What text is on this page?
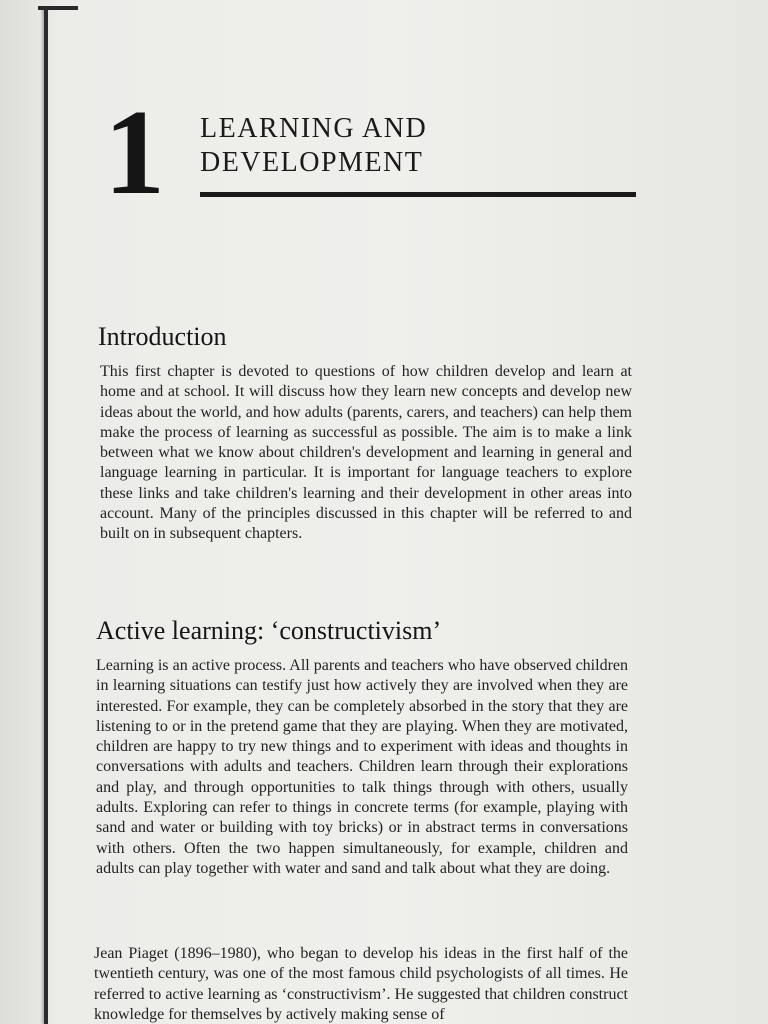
1 LEARNING AND
DEVELOPMENT
Introduction

This first chapter is devoted to questions of how children develop and learn at home and at school. It will discuss how they learn new concepts and develop new ideas about the world, and how adults (parents, carers, and teachers) can help them make the process of learning as successful as possible. The aim is to make a link between what we know about children's development and learning in general and language learning in particular. It is important for language teachers to explore these links and take children's learning and their development in other areas into account. Many of the principles discussed in this chapter will be referred to and built on in subsequent chapters.

Active learning: ‘constructivism’

Learning is an active process. All parents and teachers who have observed children in learning situations can testify just how actively they are involved when they are interested. For example, they can be completely absorbed in the story that they are listening to or in the pretend game that they are playing. When they are motivated, children are happy to try new things and to experiment with ideas and thoughts in conversations with adults and teachers. Children learn through their explorations and play, and through opportunities to talk things through with others, usually adults. Exploring can refer to things in concrete terms (for example, playing with sand and water or building with toy bricks) or in abstract terms in conversations with others. Often the two happen simultaneously, for example, children and adults can play together with water and sand and talk about what they are doing.

Jean Piaget (1896–1980), who began to develop his ideas in the first half of the twentieth century, was one of the most famous child psychologists of all times. He referred to active learning as ‘constructivism’. He suggested that children construct knowledge for themselves by actively making sense of
